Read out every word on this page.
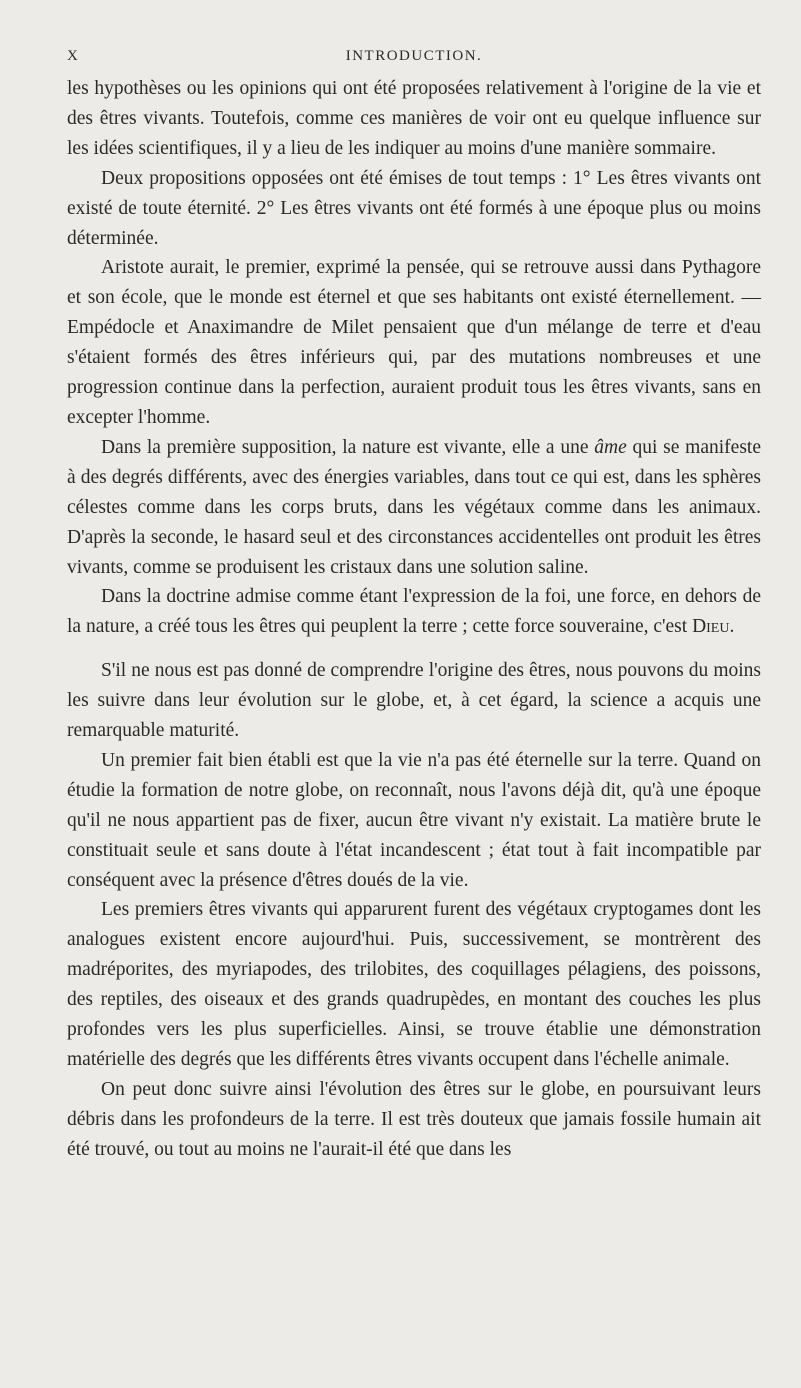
X	INTRODUCTION.

les hypothèses ou les opinions qui ont été proposées relativement à l'origine de la vie et des êtres vivants. Toutefois, comme ces manières de voir ont eu quelque influence sur les idées scientifiques, il y a lieu de les indiquer au moins d'une manière sommaire.

Deux propositions opposées ont été émises de tout temps : 1° Les êtres vivants ont existé de toute éternité. 2° Les êtres vivants ont été formés à une époque plus ou moins déterminée.

Aristote aurait, le premier, exprimé la pensée, qui se retrouve aussi dans Pythagore et son école, que le monde est éternel et que ses habitants ont existé éternellement. — Empédocle et Anaximandre de Milet pensaient que d'un mélange de terre et d'eau s'étaient formés des êtres inférieurs qui, par des mutations nombreuses et une progression continue dans la perfection, auraient produit tous les êtres vivants, sans en excepter l'homme.

Dans la première supposition, la nature est vivante, elle a une âme qui se manifeste à des degrés différents, avec des énergies variables, dans tout ce qui est, dans les sphères célestes comme dans les corps bruts, dans les végétaux comme dans les animaux. D'après la seconde, le hasard seul et des circonstances accidentelles ont produit les êtres vivants, comme se produisent les cristaux dans une solution saline.

Dans la doctrine admise comme étant l'expression de la foi, une force, en dehors de la nature, a créé tous les êtres qui peuplent la terre ; cette force souveraine, c'est Dieu.

S'il ne nous est pas donné de comprendre l'origine des êtres, nous pouvons du moins les suivre dans leur évolution sur le globe, et, à cet égard, la science a acquis une remarquable maturité.

Un premier fait bien établi est que la vie n'a pas été éternelle sur la terre. Quand on étudie la formation de notre globe, on reconnaît, nous l'avons déjà dit, qu'à une époque qu'il ne nous appartient pas de fixer, aucun être vivant n'y existait. La matière brute le constituait seule et sans doute à l'état incandescent ; état tout à fait incompatible par conséquent avec la présence d'êtres doués de la vie.

Les premiers êtres vivants qui apparurent furent des végétaux cryptogames dont les analogues existent encore aujourd'hui. Puis, successivement, se montrèrent des madréporites, des myriapodes, des trilobites, des coquillages pélagiens, des poissons, des reptiles, des oiseaux et des grands quadrupèdes, en montant des couches les plus profondes vers les plus superficielles. Ainsi, se trouve établie une démonstration matérielle des degrés que les différents êtres vivants occupent dans l'échelle animale.

On peut donc suivre ainsi l'évolution des êtres sur le globe, en poursuivant leurs débris dans les profondeurs de la terre. Il est très douteux que jamais fossile humain ait été trouvé, ou tout au moins ne l'aurait-il été que dans les
